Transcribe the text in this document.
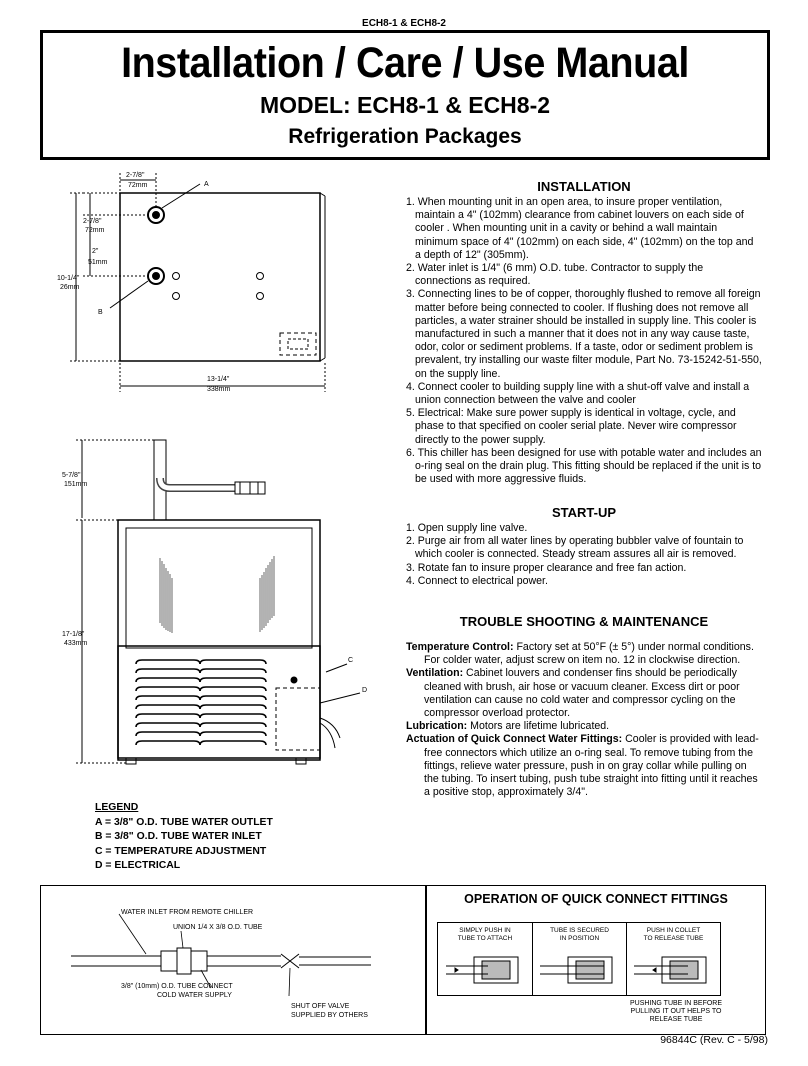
ECH8-1 & ECH8-2
Installation / Care / Use Manual
MODEL: ECH8-1 & ECH8-2
Refrigeration Packages
2-7/8"
72mm	A
2-7/8"
72mm
2"
51mm
10-1/4"
26mm
B
13-1/4"
338mm
5-7/8"
151mm
17-1/8"
433mm
C
D
LEGEND
A = 3/8" O.D. TUBE WATER OUTLET
B = 3/8" O.D. TUBE WATER INLET
C = TEMPERATURE ADJUSTMENT
D = ELECTRICAL
INSTALLATION
1. When mounting unit in an open area, to insure proper ventilation, maintain a 4" (102mm) clearance from cabinet louvers on each side of cooler . When mounting unit in a cavity or behind a wall maintain minimum space of 4" (102mm) on each side, 4" (102mm) on the top and a depth of 12" (305mm).
2. Water inlet is 1/4" (6 mm) O.D. tube. Contractor to supply the connections as required.
3. Connecting lines to be of copper, thoroughly flushed to remove all foreign matter before being connected to cooler. If flushing does not remove all particles, a water strainer should be installed in supply line. This cooler is manufactured in such a manner that it does not in any way cause taste, odor, color or sediment problems. If a taste, odor or sediment problem is prevalent, try installing our waste filter module, Part No. 73-15242-51-550, on the supply line.
4. Connect cooler to building supply line with a shut-off valve and install a union connection between the valve and cooler
5. Electrical: Make sure power supply is identical in voltage, cycle, and phase to that specified on cooler serial plate. Never wire compressor directly to the power supply.
6. This chiller has been designed for use with potable water and includes an o-ring seal on the drain plug. This fitting should be replaced if the unit is to be used with more aggressive fluids.
START-UP
1. Open supply line valve.
2. Purge air from all water lines by operating bubbler valve of fountain to which cooler is connected. Steady stream assures all air is removed.
3. Rotate fan to insure proper clearance and free fan action.
4. Connect to electrical power.
TROUBLE SHOOTING & MAINTENANCE

Temperature Control: Factory set at 50°F (± 5°) under normal conditions. For colder water, adjust screw on item no. 12 in clockwise direction.

Ventilation: Cabinet louvers and condenser fins should be periodically cleaned with brush, air hose or vacuum cleaner. Excess dirt or poor ventilation can cause no cold water and compressor cycling on the compressor overload protector.

Lubrication: Motors are lifetime lubricated.

Actuation of Quick Connect Water Fittings: Cooler is provided with lead-free connectors which utilize an o-ring seal. To remove tubing from the fittings, relieve water pressure, push in on gray collar while pulling on the tubing. To insert tubing, push tube straight into fitting until it reaches a positive stop, approximately 3/4".

WATER INLET FROM REMOTE CHILLER
UNION 1/4 X 3/8 O.D. TUBE
3/8" (10mm) O.D. TUBE CONNECT
COLD WATER SUPPLY
SHUT OFF VALVE
SUPPLIED BY OTHERS
OPERATION OF QUICK CONNECT FITTINGS
SIMPLY PUSH IN
TUBE TO ATTACH
TUBE IS SECURED
IN POSITION
PUSH IN COLLET
TO RELEASE TUBE
PUSHING TUBE IN BEFORE
PULLING IT OUT HELPS TO
RELEASE TUBE
96844C (Rev. C - 5/98)
